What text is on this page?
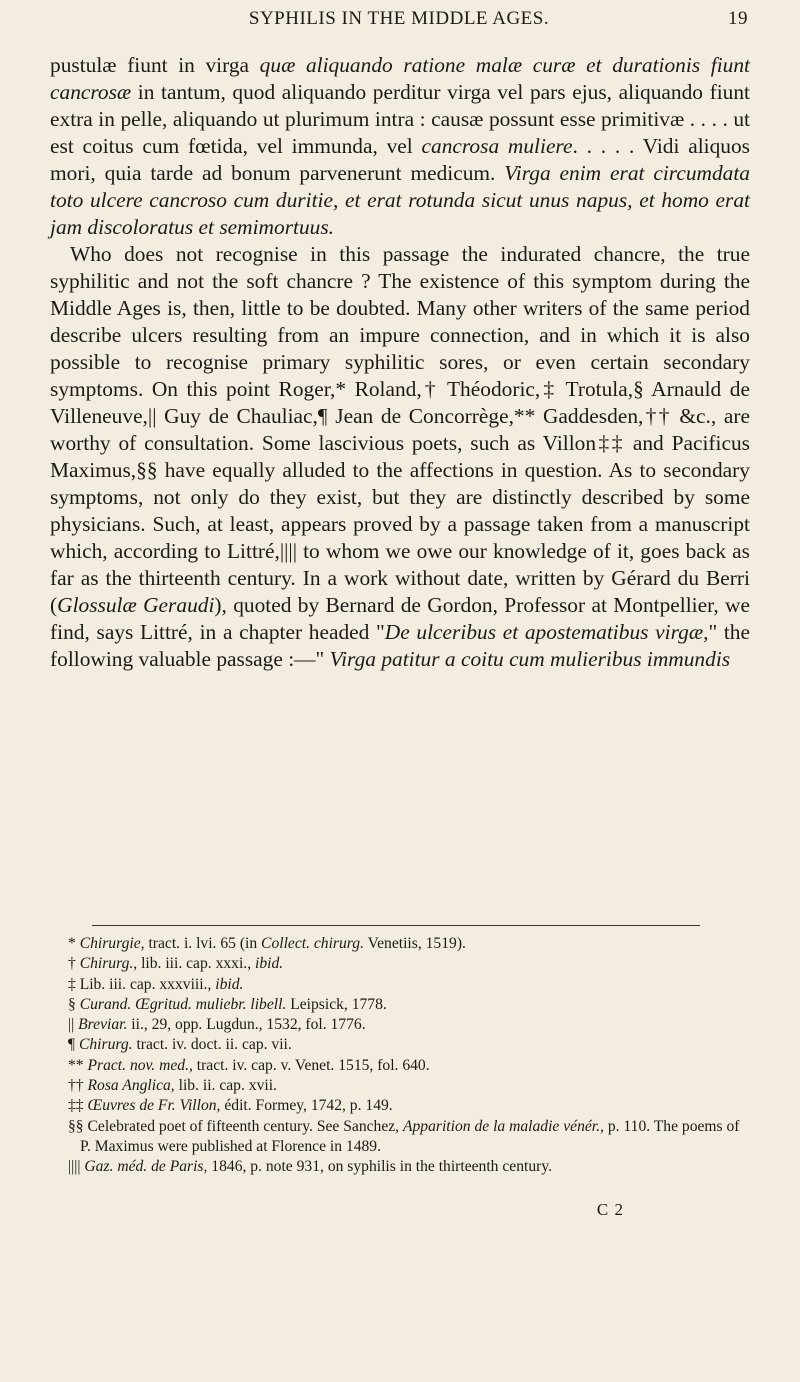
SYPHILIS IN THE MIDDLE AGES.	19

pustulæ fiunt in virga quæ aliquando ratione malæ curæ et durationis fiunt cancrosæ in tantum, quod aliquando perditur virga vel pars ejus, aliquando fiunt extra in pelle, aliquando ut plurimum intra : causæ possunt esse primitivæ . . . . ut est coitus cum fœtida, vel immunda, vel cancrosa muliere. . . . . Vidi aliquos mori, quia tarde ad bonum parvenerunt medicum. Virga enim erat circumdata toto ulcere cancroso cum duritie, et erat rotunda sicut unus napus, et homo erat jam discoloratus et semimortuus.

Who does not recognise in this passage the indurated chancre, the true syphilitic and not the soft chancre ? The existence of this symptom during the Middle Ages is, then, little to be doubted. Many other writers of the same period describe ulcers resulting from an impure connection, and in which it is also possible to recognise primary syphilitic sores, or even certain secondary symptoms. On this point Roger,* Roland,† Théodoric,‡ Trotula,§ Arnauld de Villeneuve,|| Guy de Chauliac,¶ Jean de Concorrège,** Gaddesden,†† &c., are worthy of consultation. Some lascivious poets, such as Villon‡‡ and Pacificus Maximus,§§ have equally alluded to the affections in question. As to secondary symptoms, not only do they exist, but they are distinctly described by some physicians. Such, at least, appears proved by a passage taken from a manuscript which, according to Littré,|||| to whom we owe our knowledge of it, goes back as far as the thirteenth century. In a work without date, written by Gérard du Berri (Glossulæ Geraudi), quoted by Bernard de Gordon, Professor at Montpellier, we find, says Littré, in a chapter headed "De ulceribus et apostematibus virgæ," the following valuable passage :—" Virga patitur a coitu cum mulieribus immundis

* Chirurgie, tract. i. lvi. 65 (in Collect. chirurg. Venetiis, 1519).

† Chirurg., lib. iii. cap. xxxi., ibid.

‡ Lib. iii. cap. xxxviii., ibid.

§ Curand. Œgritud. muliebr. libell. Leipsick, 1778.

|| Breviar. ii., 29, opp. Lugdun., 1532, fol. 1776.

¶ Chirurg. tract. iv. doct. ii. cap. vii.

** Pract. nov. med., tract. iv. cap. v. Venet. 1515, fol. 640.

†† Rosa Anglica, lib. ii. cap. xvii.

‡‡ Œuvres de Fr. Villon, édit. Formey, 1742, p. 149.

§§ Celebrated poet of fifteenth century. See Sanchez, Apparition de la maladie vénér., p. 110. The poems of P. Maximus were published at Florence in 1489.

|||| Gaz. méd. de Paris, 1846, p. note 931, on syphilis in the thirteenth century.

C 2
